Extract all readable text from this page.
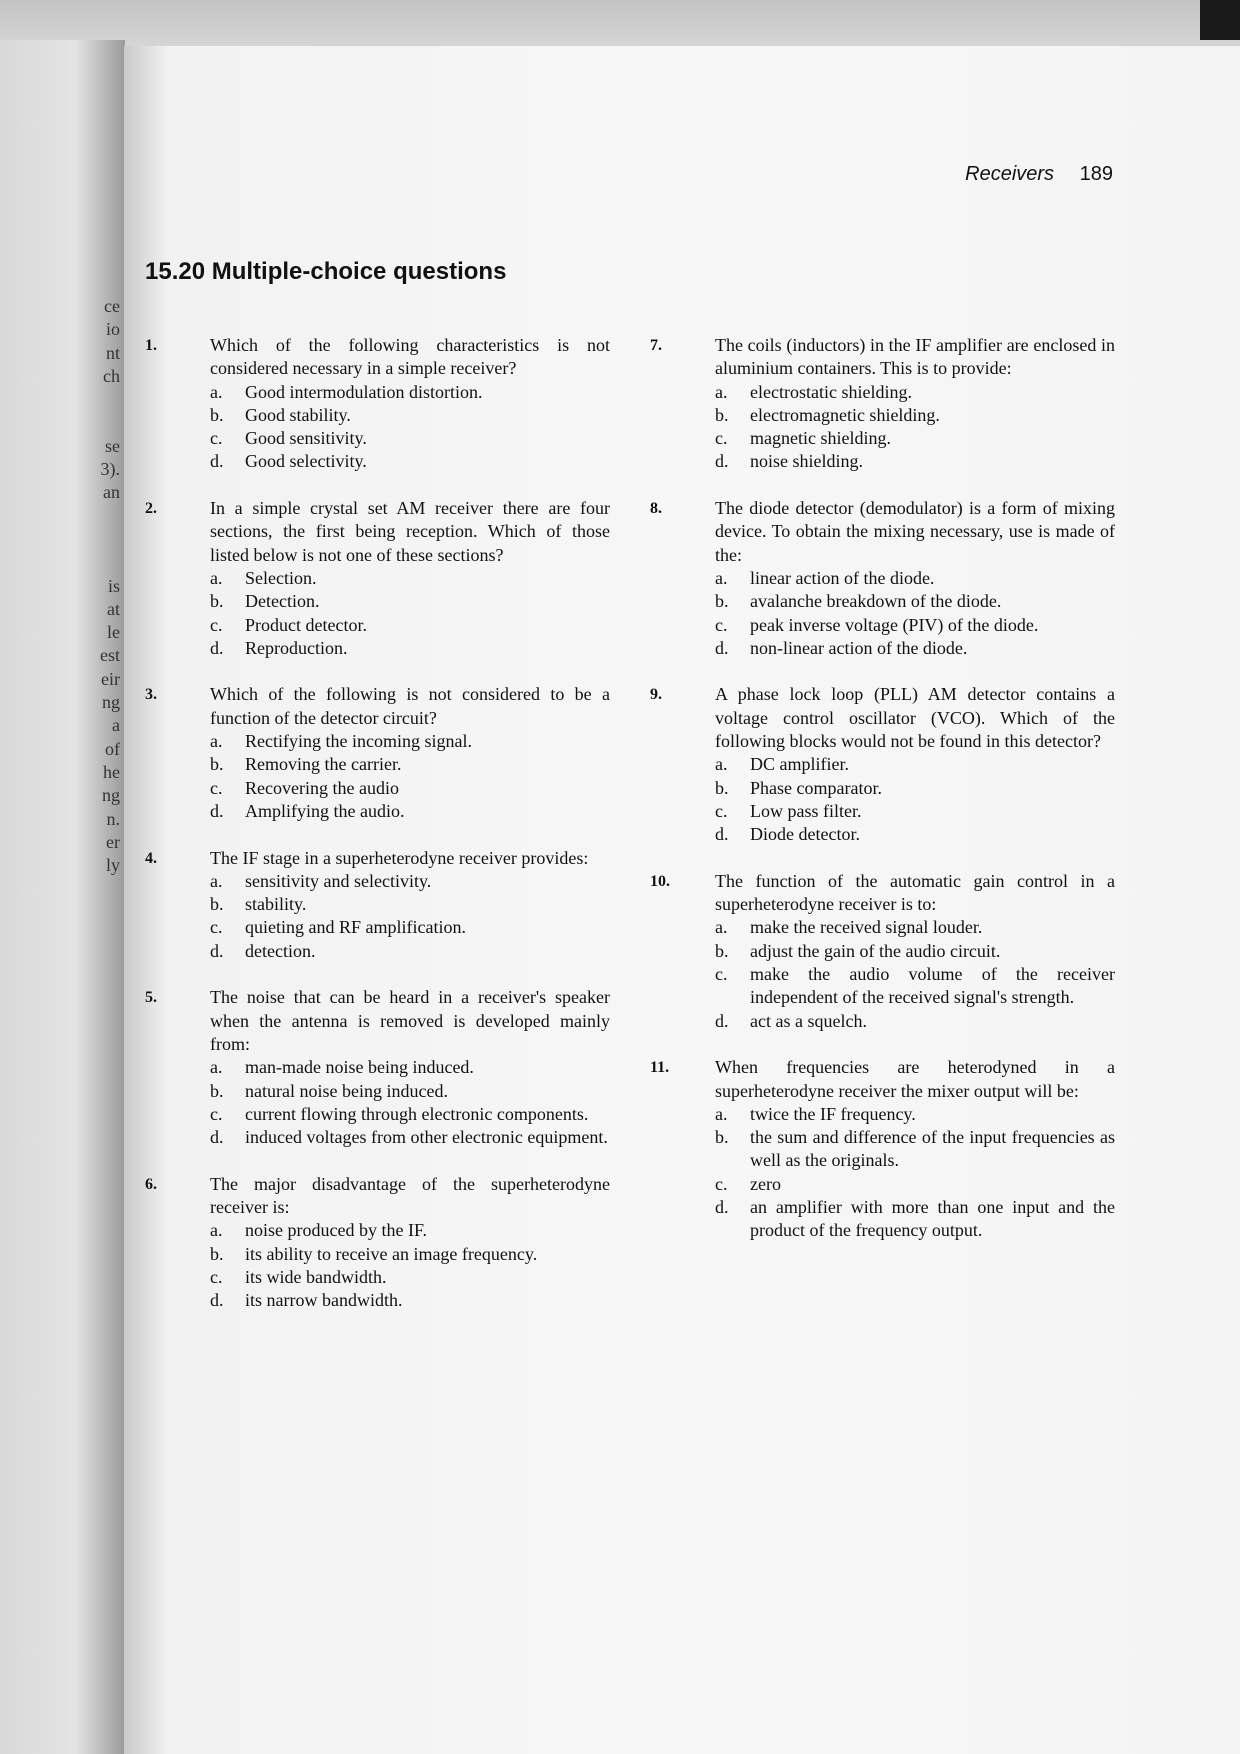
ce
io
nt
ch
se
3).
an
is
at
le
est
eir
ng
a
of
he
ng
n.
er
ly
Receivers 189
15.20 Multiple-choice questions
1.	Which of the following characteristics is not considered necessary in a simple receiver?
a. Good intermodulation distortion.
b. Good stability.
c. Good sensitivity.
d. Good selectivity.
2.	In a simple crystal set AM receiver there are four sections, the first being reception. Which of those listed below is not one of these sections?
a. Selection.
b. Detection.
c. Product detector.
d. Reproduction.
3.	Which of the following is not considered to be a function of the detector circuit?
a. Rectifying the incoming signal.
b. Removing the carrier.
c. Recovering the audio
d. Amplifying the audio.
4.	The IF stage in a superheterodyne receiver provides:
a. sensitivity and selectivity.
b. stability.
c. quieting and RF amplification.
d. detection.
5.	The noise that can be heard in a receiver's speaker when the antenna is removed is developed mainly from:
a. man-made noise being induced.
b. natural noise being induced.
c. current flowing through electronic components.
d. induced voltages from other electronic equipment.
6.	The major disadvantage of the superheterodyne receiver is:
a. noise produced by the IF.
b. its ability to receive an image frequency.
c. its wide bandwidth.
d. its narrow bandwidth.
7.	The coils (inductors) in the IF amplifier are enclosed in aluminium containers. This is to provide:
a. electrostatic shielding.
b. electromagnetic shielding.
c. magnetic shielding.
d. noise shielding.
8.	The diode detector (demodulator) is a form of mixing device. To obtain the mixing necessary, use is made of the:
a. linear action of the diode.
b. avalanche breakdown of the diode.
c. peak inverse voltage (PIV) of the diode.
d. non-linear action of the diode.
9.	A phase lock loop (PLL) AM detector contains a voltage control oscillator (VCO). Which of the following blocks would not be found in this detector?
a. DC amplifier.
b. Phase comparator.
c. Low pass filter.
d. Diode detector.
10.	The function of the automatic gain control in a superheterodyne receiver is to:
a. make the received signal louder.
b. adjust the gain of the audio circuit.
c. make the audio volume of the receiver independent of the received signal's strength.
d. act as a squelch.
11.	When frequencies are heterodyned in a superheterodyne receiver the mixer output will be:
a. twice the IF frequency.
b. the sum and difference of the input frequencies as well as the originals.
c. zero
d. an amplifier with more than one input and the product of the frequency output.
